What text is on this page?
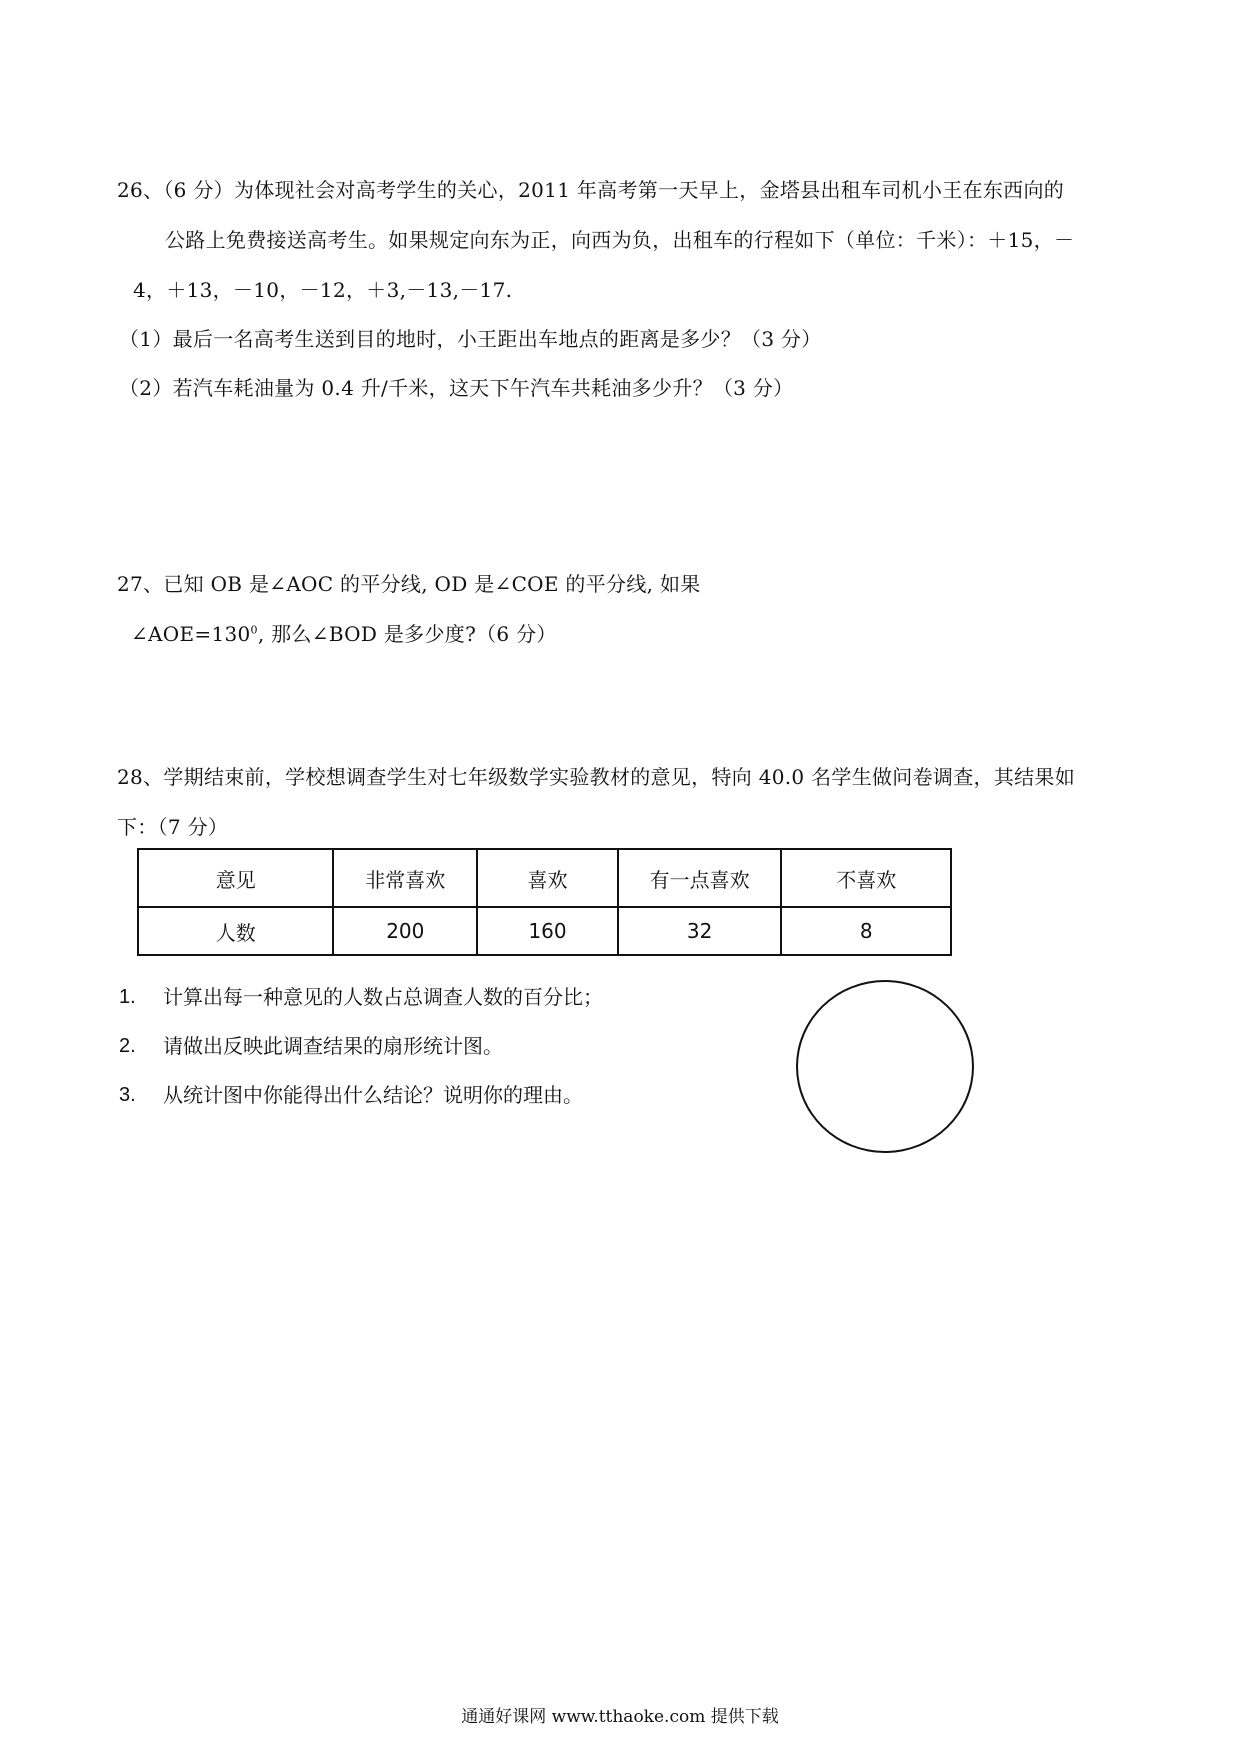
26、（6 分）为体现社会对高考学生的关心，2011 年高考第一天早上，金塔县出租车司机小王在东西向的
公路上免费接送高考生。如果规定向东为正，向西为负，出租车的行程如下（单位：千米）：＋15，－
4，＋13，－10，－12，＋3,－13,－17.
（1）最后一名高考生送到目的地时，小王距出车地点的距离是多少？（3 分）
（2）若汽车耗油量为 0.4 升/千米，这天下午汽车共耗油多少升？（3 分）
27、已知 OB 是∠AOC 的平分线, OD 是∠COE 的平分线, 如果
$\angle AOE=130^0$, 那么∠BOD 是多少度?（6 分）
28、学期结束前，学校想调查学生对七年级数学实验教材的意见，特向 40.0 名学生做问卷调查，其结果如
下：（7 分）
意见	非常喜欢	喜欢	有一点喜欢	不喜欢
人数	200	160	32	8
1. 计算出每一种意见的人数占总调查人数的百分比；
2. 请做出反映此调查结果的扇形统计图。
3. 从统计图中你能得出什么结论？说明你的理由。
通通好课网 www.tthaoke.com 提供下载
